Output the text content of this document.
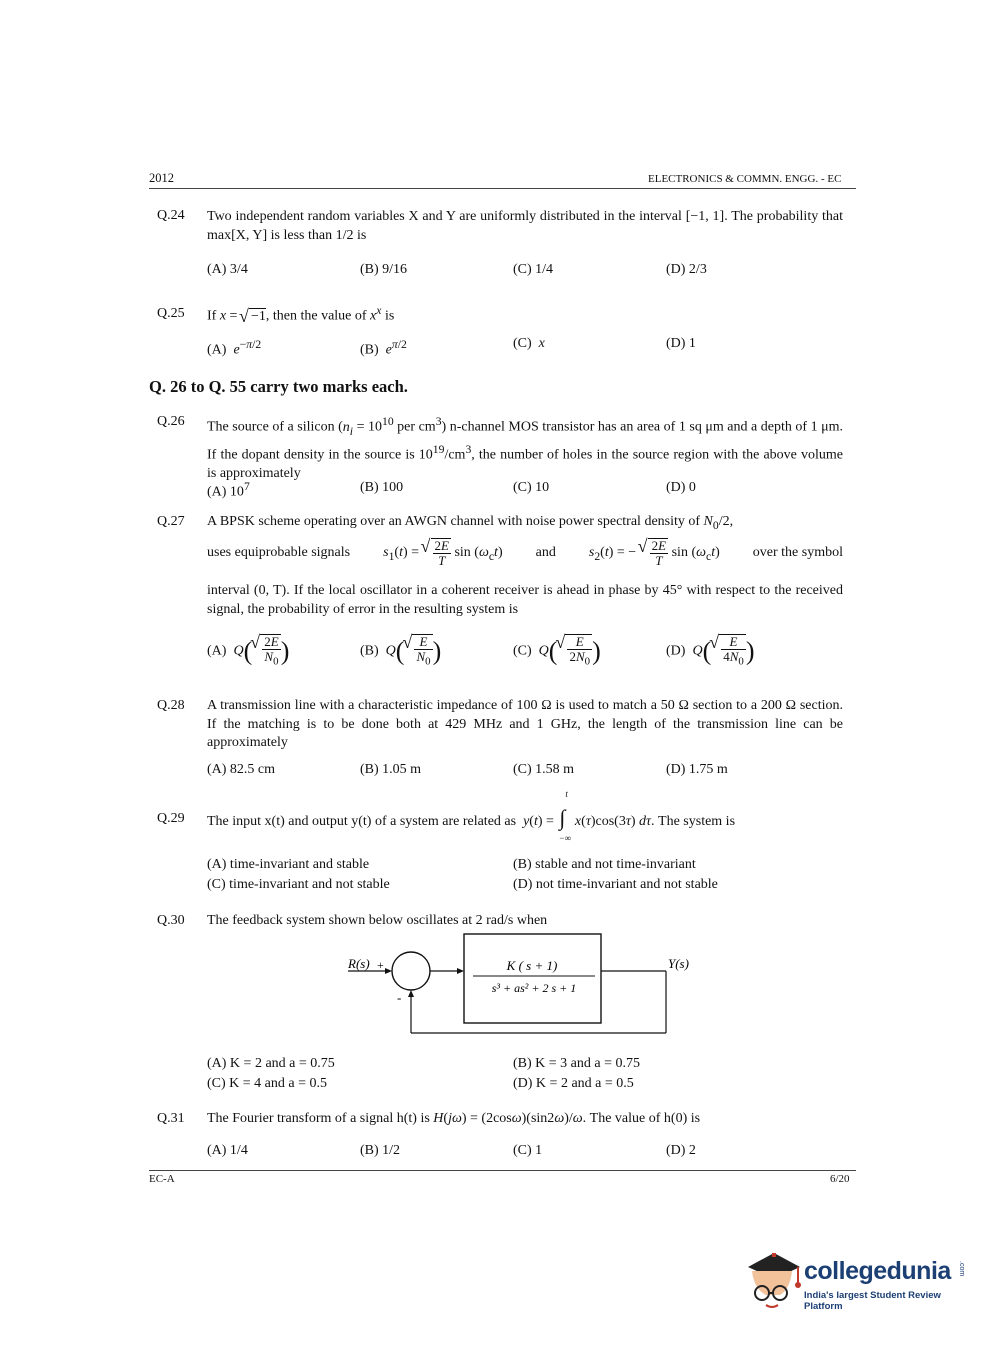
2012	ELECTRONICS & COMMN. ENGG. - EC
Q.24 Two independent random variables X and Y are uniformly distributed in the interval [−1, 1]. The probability that max[X, Y] is less than 1/2 is
(A) 3/4	(B) 9/16	(C) 1/4	(D) 2/3
Q.25 If x = √ −1, then the value of $x^x$ is
(A) $e^{-\pi/2}$	(B) $e^{\pi/2}$	(C) x	(D) 1
Q. 26 to Q. 55 carry two marks each.
Q.26 The source of a silicon ($n_i = 10^{10}$ per $cm^3$) n-channel MOS transistor has an area of 1 sq μm and a depth of 1 μm. If the dopant density in the source is $10^{19}/cm^3$, the number of holes in the source region with the above volume is approximately
(A) $10^7$	(B) 100	(C) 10	(D) 0
Q.27 A BPSK scheme operating over an AWGN channel with noise power spectral density of $N_0/2$,
uses equiprobable signals $s_1(t)$ = √ $\frac{2E}{T}$ $\sin (\omega_ct)$ and $s_2(t)$ = − √ $\frac{2E}{T}$ $\sin (\omega_ct)$ over the symbol
interval (0, T). If the local oscillator in a coherent receiver is ahead in phase by 45° with respect to the received signal, the probability of error in the resulting system is
(A) Q( √ $\frac{2E}{N_0}$ )	(B) Q( √ $\frac{E}{N_0}$ )	(C) Q( √ $\frac{E}{2N_0}$ )	(D) Q( √ $\frac{E}{4N_0}$ )
Q.28 A transmission line with a characteristic impedance of 100 Ω is used to match a 50 Ω section to a 200 Ω section. If the matching is to be done both at 429 MHz and 1 GHz, the length of the transmission line can be approximately
(A) 82.5 cm	(B) 1.05 m	(C) 1.58 m	(D) 1.75 m
Q.29 The input x(t) and output y(t) of a system are related as y(t) = ∫
t
−∞
x(τ)cos(3τ) dτ. The system is
(A) time-invariant and stable	(B) stable and not time-invariant
(C) time-invariant and not stable	(D) not time-invariant and not stable
Q.30 The feedback system shown below oscillates at 2 rad/s when
R(s) +
-
Y(s)
K ( s + 1)
s³ + as² + 2 s + 1
(A) K = 2 and a = 0.75	(B) K = 3 and a = 0.75
(C) K = 4 and a = 0.5	(D) K = 2 and a = 0.5
Q.31 The Fourier transform of a signal h(t) is H(jω) = (2cosω)(sin2ω)/ω. The value of h(0) is
(A) 1/4	(B) 1/2	(C) 1	(D) 2
EC-A	6/20
collegedunia
India's largest Student Review Platform
.com
